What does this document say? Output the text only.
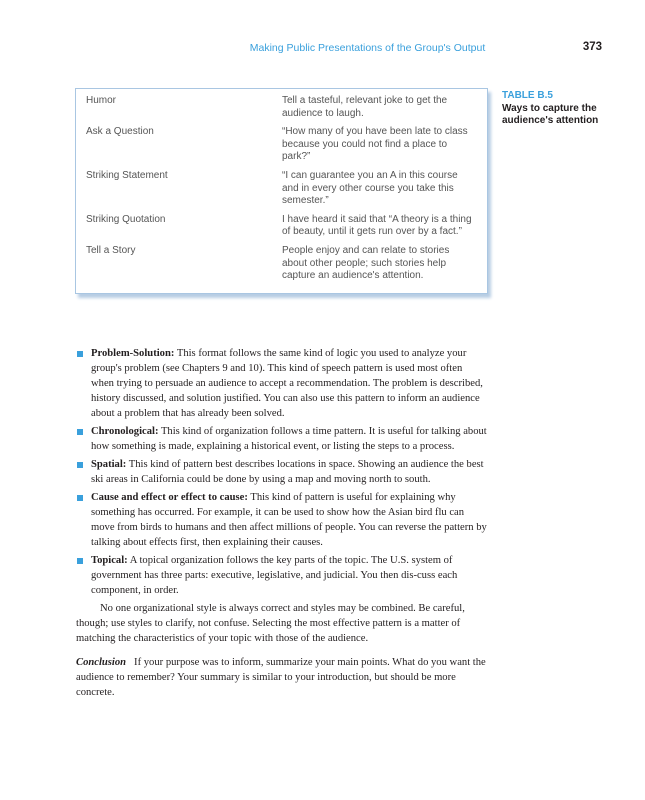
Making Public Presentations of the Group's Output	373
Humor	Tell a tasteful, relevant joke to get the audience to laugh.
Ask a Question	“How many of you have been late to class because you could not find a place to park?”
Striking Statement	“I can guarantee you an A in this course and in every other course you take this semester.”
Striking Quotation	I have heard it said that “A theory is a thing of beauty, until it gets run over by a fact.”
Tell a Story	People enjoy and can relate to stories about other people; such stories help capture an audience's attention.
TABLE B.5
Ways to capture the audience's attention
Problem-Solution: This format follows the same kind of logic you used to analyze your group's problem (see Chapters 9 and 10). This kind of speech pattern is used most often when trying to persuade an audience to accept a recommendation. The problem is described, history discussed, and solution justified. You can also use this pattern to inform an audience about a problem that has already been solved.
Chronological: This kind of organization follows a time pattern. It is useful for talking about how something is made, explaining a historical event, or listing the steps to a process.
Spatial: This kind of pattern best describes locations in space. Showing an audience the best ski areas in California could be done by using a map and moving north to south.
Cause and effect or effect to cause: This kind of pattern is useful for explaining why something has occurred. For example, it can be used to show how the Asian bird flu can move from birds to humans and then affect millions of people. You can reverse the pattern by talking about effects first, then explaining their causes.
Topical: A topical organization follows the key parts of the topic. The U.S. system of government has three parts: executive, legislative, and judicial. You then dis-cuss each component, in order.

No one organizational style is always correct and styles may be combined. Be careful, though; use styles to clarify, not confuse. Selecting the most effective pattern is a matter of matching the characteristics of your topic with those of the audience.

Conclusion If your purpose was to inform, summarize your main points. What do you want the audience to remember? Your summary is similar to your introduction, but should be more concrete.
